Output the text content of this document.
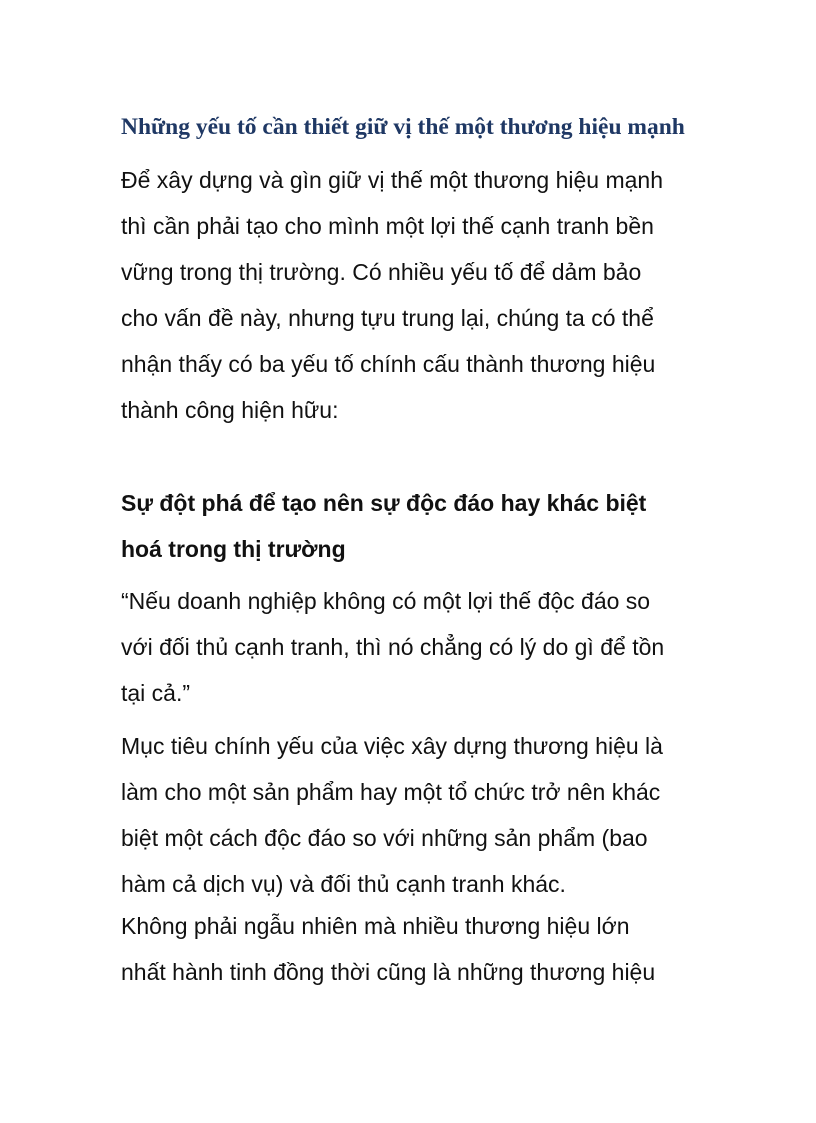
Những yếu tố cần thiết giữ vị thế một thương hiệu mạnh

Để xây dựng và gìn giữ vị thế một thương hiệu mạnh
thì cần phải tạo cho mình một lợi thế cạnh tranh bền
vững trong thị trường. Có nhiều yếu tố để dảm bảo
cho vấn đề này, nhưng tựu trung lại, chúng ta có thể
nhận thấy có ba yếu tố chính cấu thành thương hiệu
thành công hiện hữu:

Sự đột phá để tạo nên sự độc đáo hay khác biệt
hoá trong thị trường

“Nếu doanh nghiệp không có một lợi thế độc đáo so
với đối thủ cạnh tranh, thì nó chẳng có lý do gì để tồn
tại cả.”

Mục tiêu chính yếu của việc xây dựng thương hiệu là
làm cho một sản phẩm hay một tổ chức trở nên khác
biệt một cách độc đáo so với những sản phẩm (bao
hàm cả dịch vụ) và đối thủ cạnh tranh khác.

Không phải ngẫu nhiên mà nhiều thương hiệu lớn
nhất hành tinh đồng thời cũng là những thương hiệu
